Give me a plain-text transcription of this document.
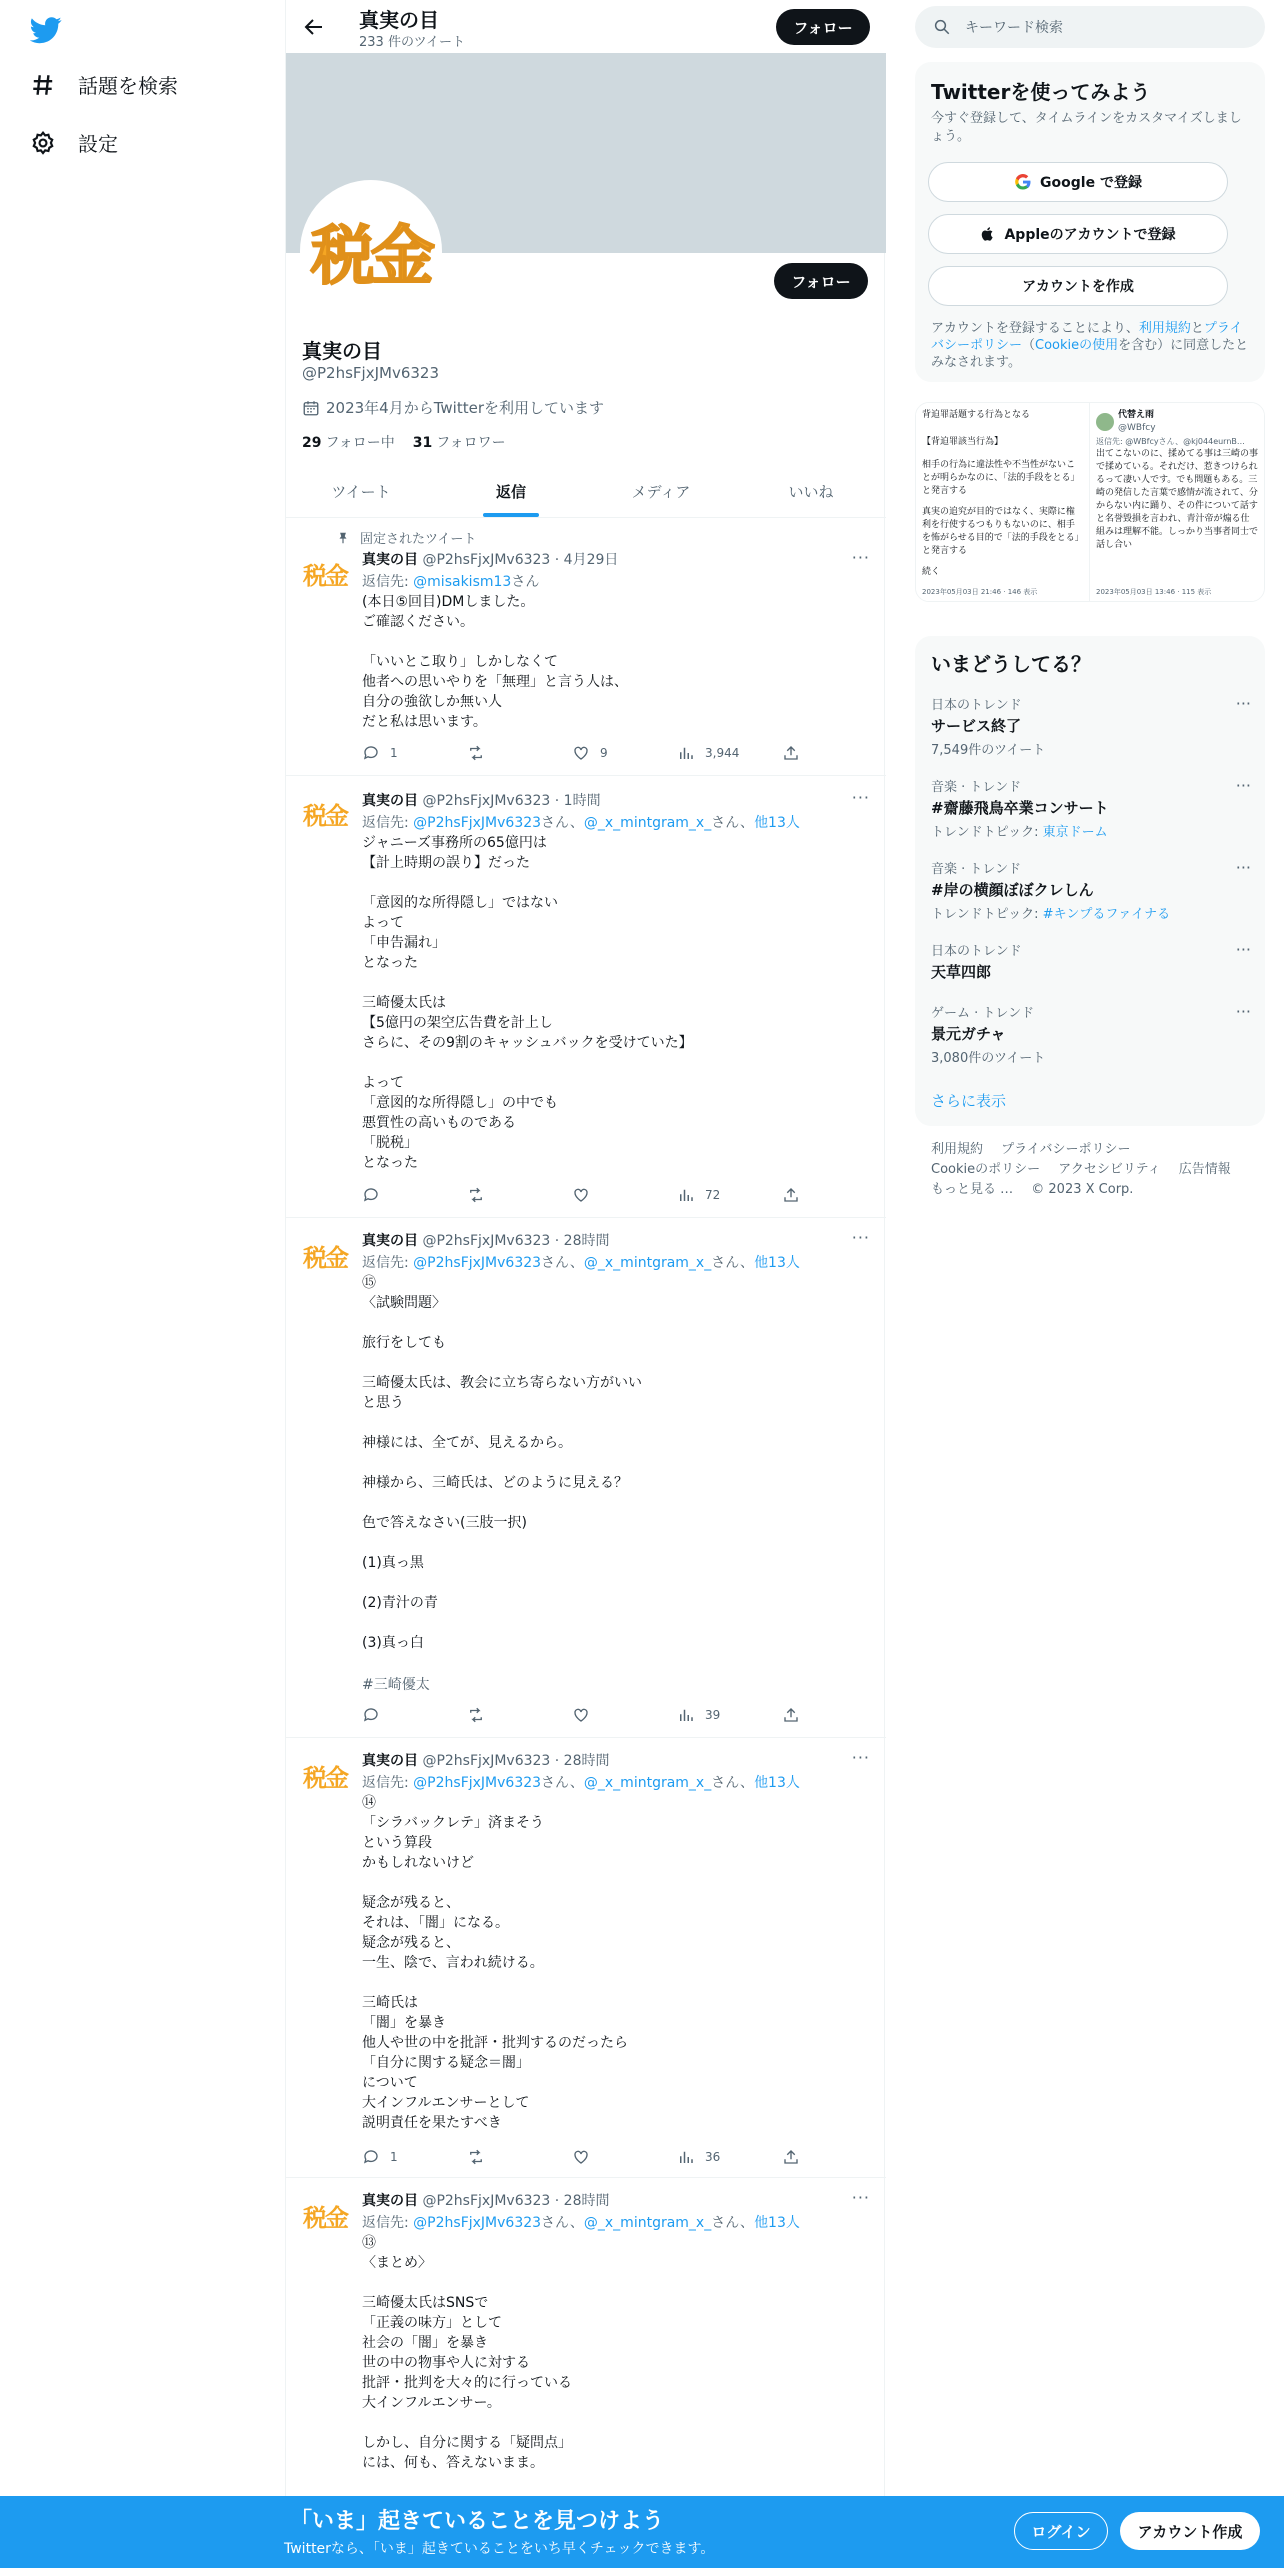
話題を検索
設定
真実の目
233 件のツイート
フォロー
税金	フォロー
真実の目
@P2hsFjxJMv6323
2023年4月からTwitterを利用しています
29 フォロー中 31 フォロワー
ツイート	返信	メディア	いいね
固定されたツイート
税金
真実の目 @P2hsFjxJMv6323 · 4月29日	···
返信先: @misakism13さん
(本日⑤回目)DMしました。
ご確認ください。

「いいとこ取り」しかしなくて
他者への思いやりを「無理」と言う人は、
自分の強欲しか無い人
だと私は思います。
1	9	3,944
税金
真実の目 @P2hsFjxJMv6323 · 1時間	···
返信先: @P2hsFjxJMv6323さん、@_x_mintgram_x_さん、他13人
ジャニーズ事務所の65億円は
【計上時期の誤り】だった

「意図的な所得隠し」ではない
よって
「申告漏れ」
となった

三崎優太氏は
【5億円の架空広告費を計上し
さらに、その9割のキャッシュバックを受けていた】

よって
「意図的な所得隠し」の中でも
悪質性の高いものである
「脱税」
となった
72
税金
真実の目 @P2hsFjxJMv6323 · 28時間	···
返信先: @P2hsFjxJMv6323さん、@_x_mintgram_x_さん、他13人
⑮
〈試験問題〉

旅行をしても

三崎優太氏は、教会に立ち寄らない方がいい
と思う

神様には、全てが、見えるから。

神様から、三崎氏は、どのように見える？

色で答えなさい(三肢一択)

(1)真っ黒

(2)青汁の青

(3)真っ白
#三崎優太
39
税金
真実の目 @P2hsFjxJMv6323 · 28時間	···
返信先: @P2hsFjxJMv6323さん、@_x_mintgram_x_さん、他13人
⑭
「シラバックレテ」済まそう
という算段
かもしれないけど

疑念が残ると、
それは、「闇」になる。
疑念が残ると、
一生、陰で、言われ続ける。

三崎氏は
「闇」を暴き
他人や世の中を批評・批判するのだったら
「自分に関する疑念＝闇」
について
大インフルエンサーとして
説明責任を果たすべき
1	36
税金
真実の目 @P2hsFjxJMv6323 · 28時間	···
返信先: @P2hsFjxJMv6323さん、@_x_mintgram_x_さん、他13人
⑬
〈まとめ〉

三崎優太氏はSNSで
「正義の味方」として
社会の「闇」を暴き
世の中の物事や人に対する
批評・批判を大々的に行っている
大インフルエンサー。

しかし、自分に関する「疑問点」
には、何も、答えないまま。
キーワード検索
Twitterを使ってみよう
今すぐ登録して、タイムラインをカスタマイズしましょう。
Google で登録
Appleのアカウントで登録
アカウントを作成
アカウントを登録することにより、利用規約とプライバシーポリシー（Cookieの使用を含む）に同意したとみなされます。
背迫罪話題する行為となる
【背迫罪該当行為】
相手の行為に違法性や不当性がないことが明らかなのに、「法的手段をとる」と発言する
真実の追究が目的ではなく、実際に権利を行使するつもりもないのに、相手を怖がらせる目的で「法的手段をとる」と発言する
続く
2023年05月03日 21:46 · 146 表示
代替え雨
@WBfcy
返信先: @WBfcyさん、@kj044eurnB…
出てこないのに、揉めてる事は三崎の事で揉めている。それだけ、惹きつけられるって凄い人です。でも問題もある。三崎の発信した言葉で感情が流されて、分からない内に踊り、その件について話すと名誉毀損を言われ、青汁帝が煽る仕組みは理解不能。しっかり当事者同士で話し合い
2023年05月03日 13:46 · 115 表示
いまどうしてる？
日本のトレンド
サービス終了
7,549件のツイート
···
音楽 · トレンド
#齋藤飛鳥卒業コンサート
トレンドトピック: 東京ドーム
···
音楽 · トレンド
#岸の横顔ぼぼクレしん
トレンドトピック: #キンプるファイナる
···
日本のトレンド
天草四郎
···
ゲーム · トレンド
景元ガチャ
3,080件のツイート
···
さらに表示
利用規約 プライバシーポリシー
Cookieのポリシー アクセシビリティ 広告情報
もっと見る … © 2023 X Corp.
「いま」起きていることを見つけよう
Twitterなら、「いま」起きていることをいち早くチェックできます。
ログイン	アカウント作成
